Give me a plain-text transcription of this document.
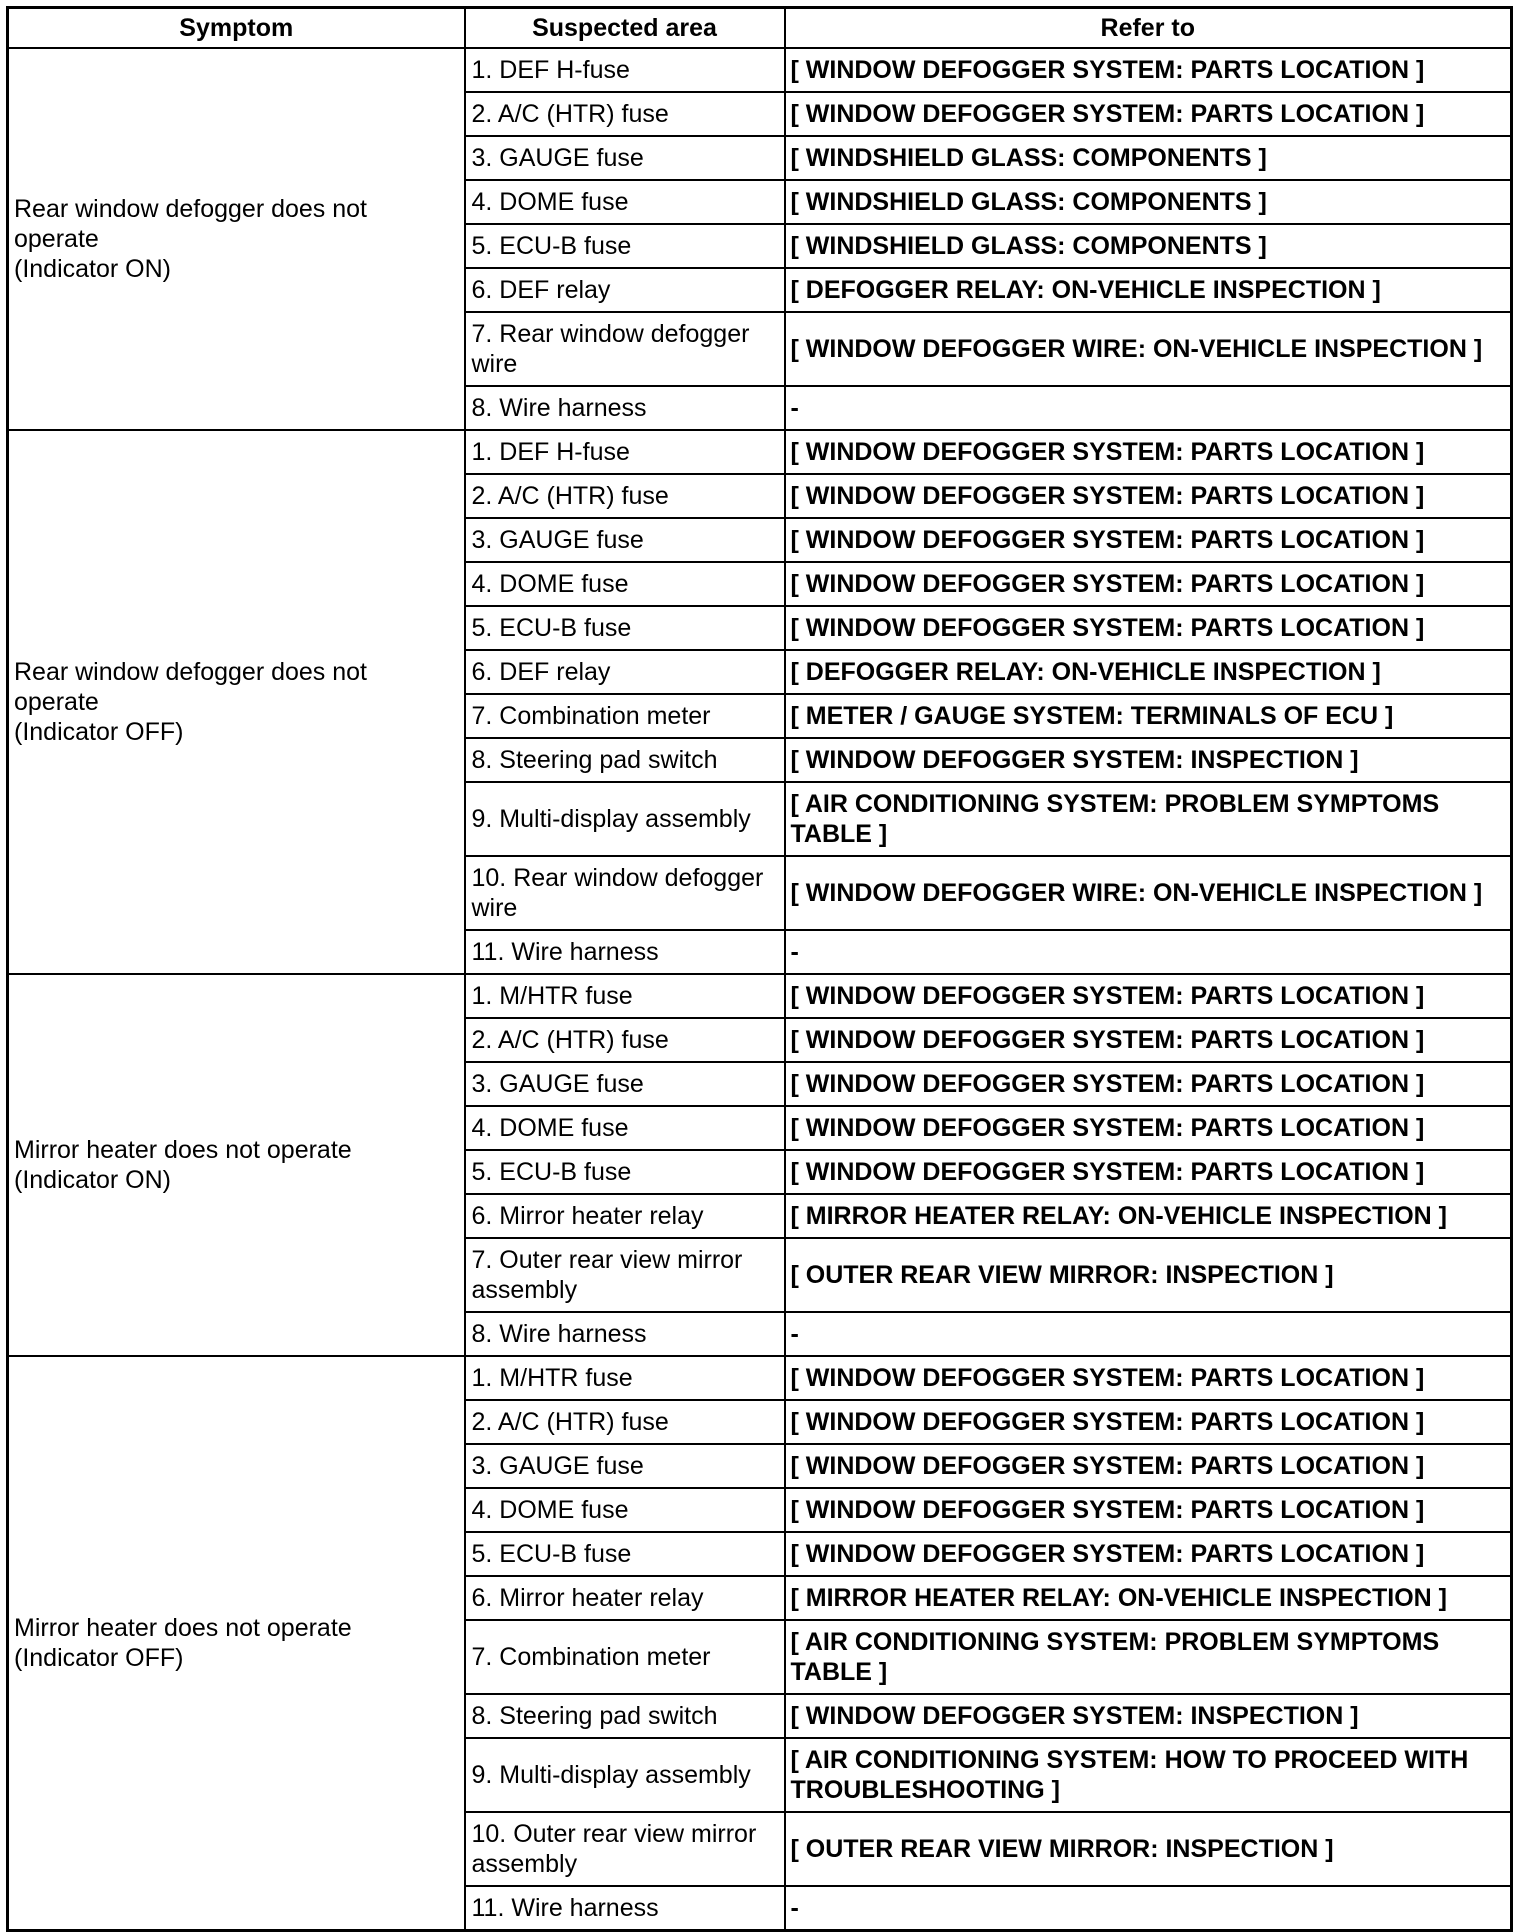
Symptom	Suspected area	Refer to
Rear window defogger does not operate
(Indicator ON)	1. DEF H-fuse	[ WINDOW DEFOGGER SYSTEM: PARTS LOCATION ]
	2. A/C (HTR) fuse	[ WINDOW DEFOGGER SYSTEM: PARTS LOCATION ]
	3. GAUGE fuse	[ WINDSHIELD GLASS: COMPONENTS ]
	4. DOME fuse	[ WINDSHIELD GLASS: COMPONENTS ]
	5. ECU-B fuse	[ WINDSHIELD GLASS: COMPONENTS ]
	6. DEF relay	[ DEFOGGER RELAY: ON-VEHICLE INSPECTION ]
	7. Rear window defogger wire	[ WINDOW DEFOGGER WIRE: ON-VEHICLE INSPECTION ]
	8. Wire harness	-
Rear window defogger does not operate
(Indicator OFF)	1. DEF H-fuse	[ WINDOW DEFOGGER SYSTEM: PARTS LOCATION ]
	2. A/C (HTR) fuse	[ WINDOW DEFOGGER SYSTEM: PARTS LOCATION ]
	3. GAUGE fuse	[ WINDOW DEFOGGER SYSTEM: PARTS LOCATION ]
	4. DOME fuse	[ WINDOW DEFOGGER SYSTEM: PARTS LOCATION ]
	5. ECU-B fuse	[ WINDOW DEFOGGER SYSTEM: PARTS LOCATION ]
	6. DEF relay	[ DEFOGGER RELAY: ON-VEHICLE INSPECTION ]
	7. Combination meter	[ METER / GAUGE SYSTEM: TERMINALS OF ECU ]
	8. Steering pad switch	[ WINDOW DEFOGGER SYSTEM: INSPECTION ]
	9. Multi-display assembly	[ AIR CONDITIONING SYSTEM: PROBLEM SYMPTOMS TABLE ]
	10. Rear window defogger wire	[ WINDOW DEFOGGER WIRE: ON-VEHICLE INSPECTION ]
	11. Wire harness	-
Mirror heater does not operate
(Indicator ON)	1. M/HTR fuse	[ WINDOW DEFOGGER SYSTEM: PARTS LOCATION ]
	2. A/C (HTR) fuse	[ WINDOW DEFOGGER SYSTEM: PARTS LOCATION ]
	3. GAUGE fuse	[ WINDOW DEFOGGER SYSTEM: PARTS LOCATION ]
	4. DOME fuse	[ WINDOW DEFOGGER SYSTEM: PARTS LOCATION ]
	5. ECU-B fuse	[ WINDOW DEFOGGER SYSTEM: PARTS LOCATION ]
	6. Mirror heater relay	[ MIRROR HEATER RELAY: ON-VEHICLE INSPECTION ]
	7. Outer rear view mirror assembly	[ OUTER REAR VIEW MIRROR: INSPECTION ]
	8. Wire harness	-
Mirror heater does not operate
(Indicator OFF)	1. M/HTR fuse	[ WINDOW DEFOGGER SYSTEM: PARTS LOCATION ]
	2. A/C (HTR) fuse	[ WINDOW DEFOGGER SYSTEM: PARTS LOCATION ]
	3. GAUGE fuse	[ WINDOW DEFOGGER SYSTEM: PARTS LOCATION ]
	4. DOME fuse	[ WINDOW DEFOGGER SYSTEM: PARTS LOCATION ]
	5. ECU-B fuse	[ WINDOW DEFOGGER SYSTEM: PARTS LOCATION ]
	6. Mirror heater relay	[ MIRROR HEATER RELAY: ON-VEHICLE INSPECTION ]
	7. Combination meter	[ AIR CONDITIONING SYSTEM: PROBLEM SYMPTOMS TABLE ]
	8. Steering pad switch	[ WINDOW DEFOGGER SYSTEM: INSPECTION ]
	9. Multi-display assembly	[ AIR CONDITIONING SYSTEM: HOW TO PROCEED WITH TROUBLESHOOTING ]
	10. Outer rear view mirror assembly	[ OUTER REAR VIEW MIRROR: INSPECTION ]
	11. Wire harness	-
